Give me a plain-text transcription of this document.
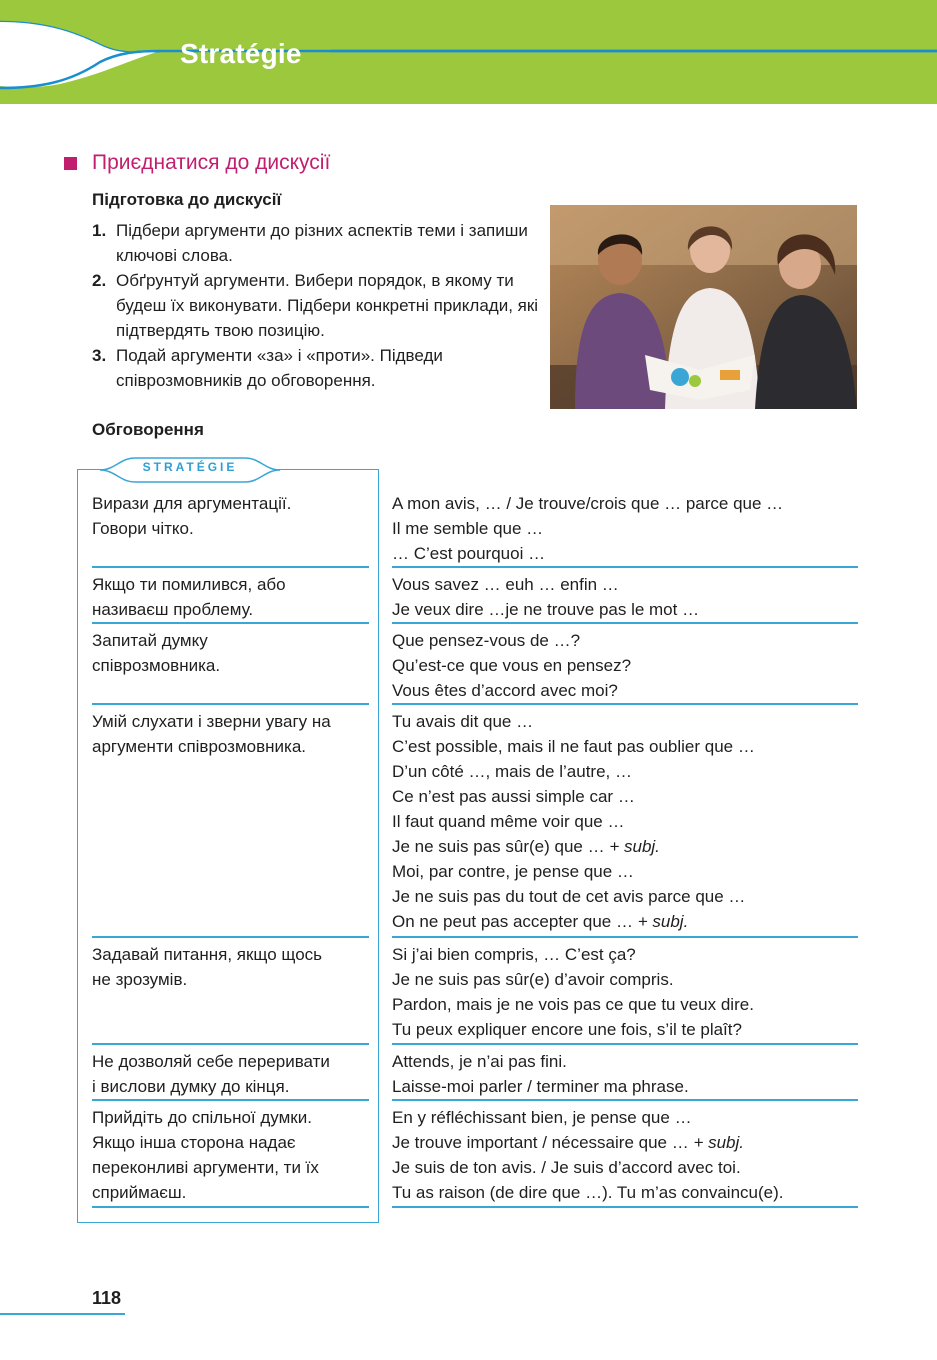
Stratégie
Приєднатися до дискусії
Підготовка до дискусії
1. Підбери аргументи до різних аспектів теми і запиши ключові слова.
2. Обґрунтуй аргументи. Вибери порядок, в якому ти будеш їх виконувати. Підбери конкретні приклади, які підтвердять твою позицію.
3. Подай аргументи «за» і «проти». Підведи співрозмовників до обговорення.
Обговорення
STRATÉGIE
Вирази для аргументації.
Говори чітко.
A mon avis, … / Je trouve/crois que … parce que …
Il me semble que …
… C’est pourquoi …
Якщо ти помилився, або
називаєш проблему.
Vous savez … euh … enfin …
Je veux dire …je ne trouve pas le mot …
Запитай думку
співрозмовника.
Que pensez-vous de …?
Qu’est-ce que vous en pensez?
Vous êtes d’accord avec moi?
Умій слухати і зверни увагу на
аргументи співрозмовника.
Tu avais dit que …
C’est possible, mais il ne faut pas oublier que …
D’un côté …, mais de l’autre, …
Ce n’est pas aussi simple car …
Il faut quand même voir que …
Je ne suis pas sûr(e) que … + subj.
Moi, par contre, je pense que …
Je ne suis pas du tout de cet avis parce que …
On ne peut pas accepter que … + subj.
Задавай питання, якщо щось
не зрозумів.
Si j’ai bien compris, … C’est ça?
Je ne suis pas sûr(e) d’avoir compris.
Pardon, mais je ne vois pas ce que tu veux dire.
Tu peux expliquer encore une fois, s’il te plaît?
Не дозволяй себе переривати
і вислови думку до кінця.
Attends, je n’ai pas fini.
Laisse-moi parler / terminer ma phrase.
Прийдіть до спільної думки.
Якщо інша сторона надає
переконливі аргументи, ти їх
сприймаєш.
En y réfléchissant bien, je pense que …
Je trouve important / nécessaire que … + subj.
Je suis de ton avis. / Je suis d’accord avec toi.
Tu as raison (de dire que …). Tu m’as convaincu(e).
118
